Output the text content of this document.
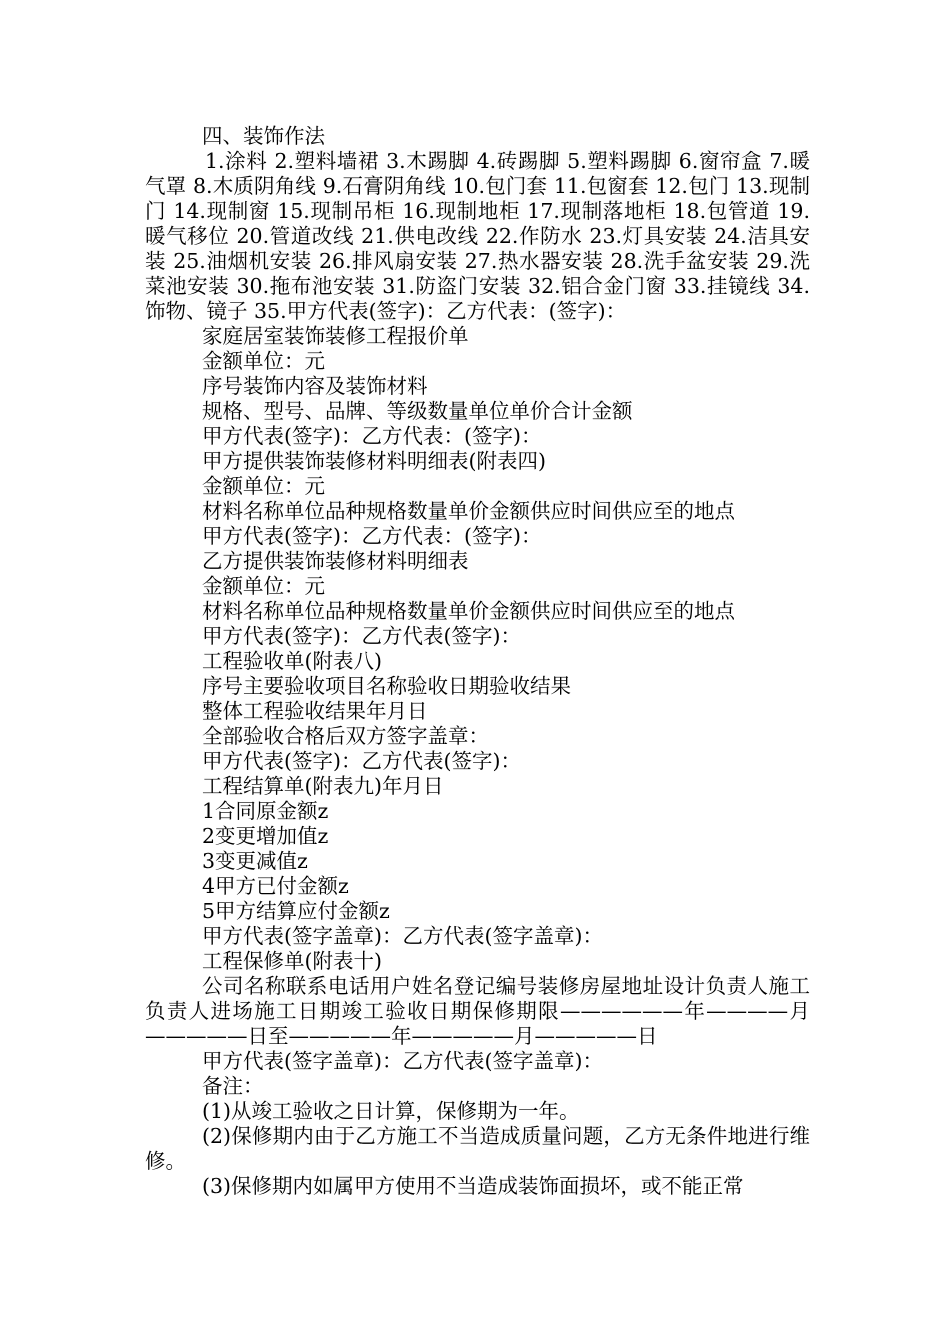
四、装饰作法
1.涂料 2.塑料墙裙 3.木踢脚 4.砖踢脚 5.塑料踢脚 6.窗帘盒 7.暖气罩 8.木质阴角线 9.石膏阴角线 10.包门套 11.包窗套 12.包门 13.现制门 14.现制窗 15.现制吊柜 16.现制地柜 17.现制落地柜 18.包管道 19.暖气移位 20.管道改线 21.供电改线 22.作防水 23.灯具安装 24.洁具安装 25.油烟机安装 26.排风扇安装 27.热水器安装 28.洗手盆安装 29.洗菜池安装 30.拖布池安装 31.防盗门安装 32.铝合金门窗 33.挂镜线 34.饰物、镜子 35.甲方代表(签字)：乙方代表：(签字)：
家庭居室装饰装修工程报价单
金额单位：元
序号装饰内容及装饰材料
规格、型号、品牌、等级数量单位单价合计金额
甲方代表(签字)：乙方代表：(签字)：
甲方提供装饰装修材料明细表(附表四)
金额单位：元
材料名称单位品种规格数量单价金额供应时间供应至的地点
甲方代表(签字)：乙方代表：(签字)：
乙方提供装饰装修材料明细表
金额单位：元
材料名称单位品种规格数量单价金额供应时间供应至的地点
甲方代表(签字)：乙方代表(签字)：
工程验收单(附表八)
序号主要验收项目名称验收日期验收结果
整体工程验收结果年月日
全部验收合格后双方签字盖章：
甲方代表(签字)：乙方代表(签字)：
工程结算单(附表九)年月日
1合同原金额z
2变更增加值z
3变更减值z
4甲方已付金额z
5甲方结算应付金额z
甲方代表(签字盖章)：乙方代表(签字盖章)：
工程保修单(附表十)
公司名称联系电话用户姓名登记编号装修房屋地址设计负责人施工负责人进场施工日期竣工验收日期保修期限——————年————月—————日至—————年—————月—————日
甲方代表(签字盖章)：乙方代表(签字盖章)：
备注：
(1)从竣工验收之日计算，保修期为一年。
(2)保修期内由于乙方施工不当造成质量问题，乙方无条件地进行维修。
(3)保修期内如属甲方使用不当造成装饰面损坏，或不能正常
